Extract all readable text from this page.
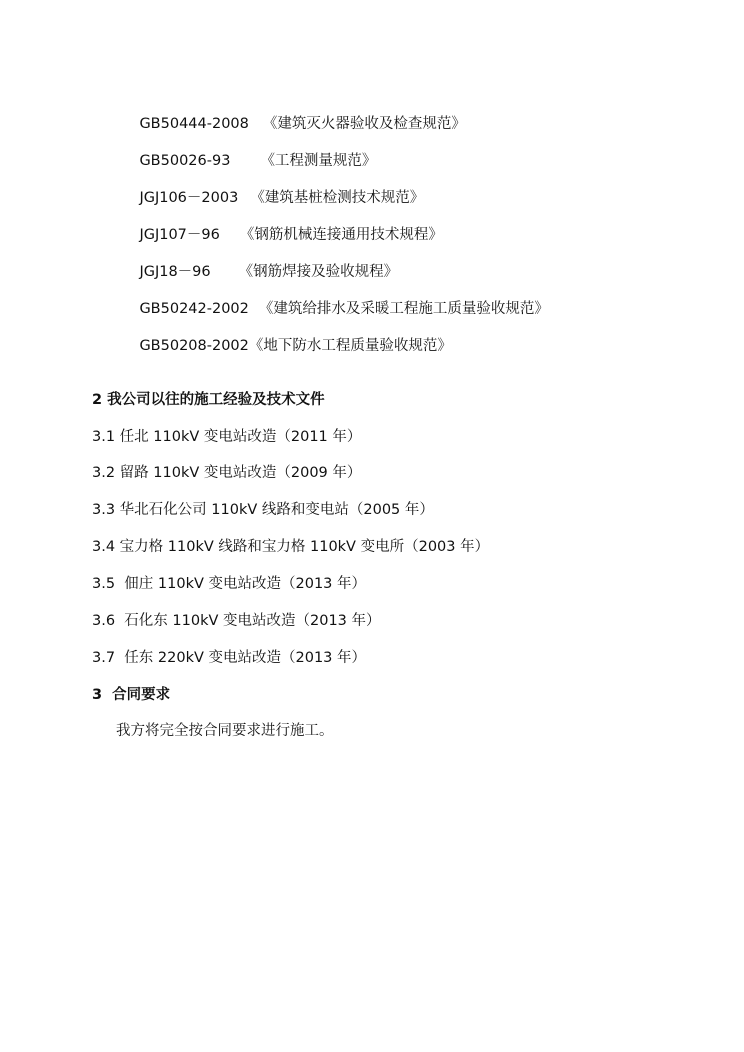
GB50444-2008 《建筑灭火器验收及检查规范》

GB50026-93 《工程测量规范》

JGJ106－2003 《建筑基桩检测技术规范》

JGJ107－96 《钢筋机械连接通用技术规程》

JGJ18－96 《钢筋焊接及验收规程》

GB50242-2002 《建筑给排水及采暖工程施工质量验收规范》

GB50208-2002《地下防水工程质量验收规范》

2 我公司以往的施工经验及技术文件
3.1 任北 110kV 变电站改造（2011 年）
3.2 留路 110kV 变电站改造（2009 年）
3.3 华北石化公司 110kV 线路和变电站（2005 年）
3.4 宝力格 110kV 线路和宝力格 110kV 变电所（2003 年）
3.5  佃庄 110kV 变电站改造（2013 年）
3.6  石化东 110kV 变电站改造（2013 年）
3.7  任东 220kV 变电站改造（2013 年）
3  合同要求
我方将完全按合同要求进行施工。
